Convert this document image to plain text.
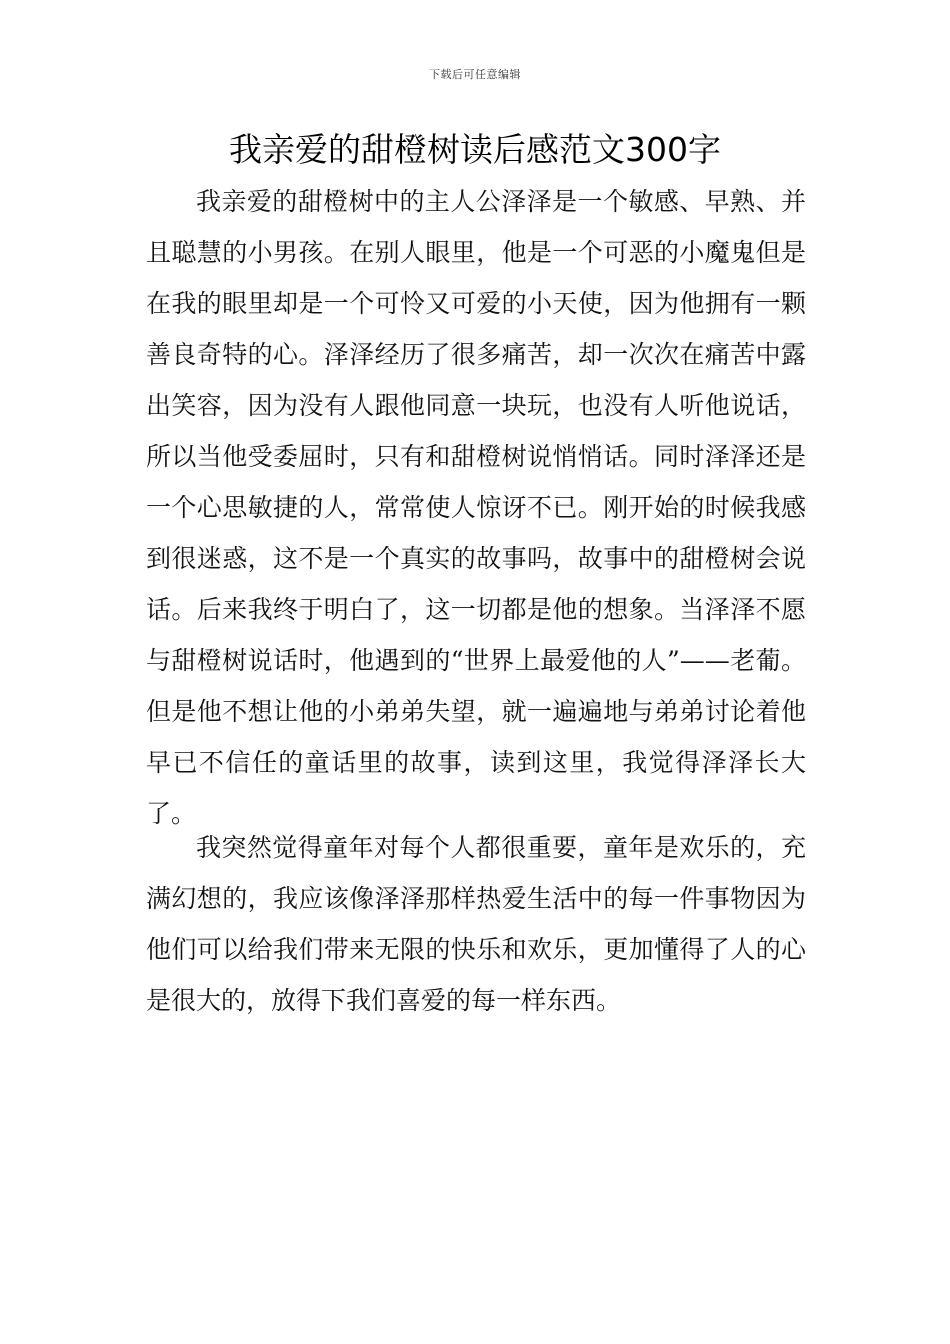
下载后可任意编辑
我亲爱的甜橙树读后感范文300字

我亲爱的甜橙树中的主人公泽泽是一个敏感、早熟、并且聪慧的小男孩。在别人眼里，他是一个可恶的小魔鬼但是在我的眼里却是一个可怜又可爱的小天使，因为他拥有一颗善良奇特的心。泽泽经历了很多痛苦，却一次次在痛苦中露出笑容，因为没有人跟他同意一块玩，也没有人听他说话，所以当他受委屈时，只有和甜橙树说悄悄话。同时泽泽还是一个心思敏捷的人，常常使人惊讶不已。刚开始的时候我感到很迷惑，这不是一个真实的故事吗，故事中的甜橙树会说话。后来我终于明白了，这一切都是他的想象。当泽泽不愿与甜橙树说话时，他遇到的“世界上最爱他的人”——老葡。但是他不想让他的小弟弟失望，就一遍遍地与弟弟讨论着他早已不信任的童话里的故事，读到这里，我觉得泽泽长大了。

我突然觉得童年对每个人都很重要，童年是欢乐的，充满幻想的，我应该像泽泽那样热爱生活中的每一件事物因为他们可以给我们带来无限的快乐和欢乐，更加懂得了人的心是很大的，放得下我们喜爱的每一样东西。
